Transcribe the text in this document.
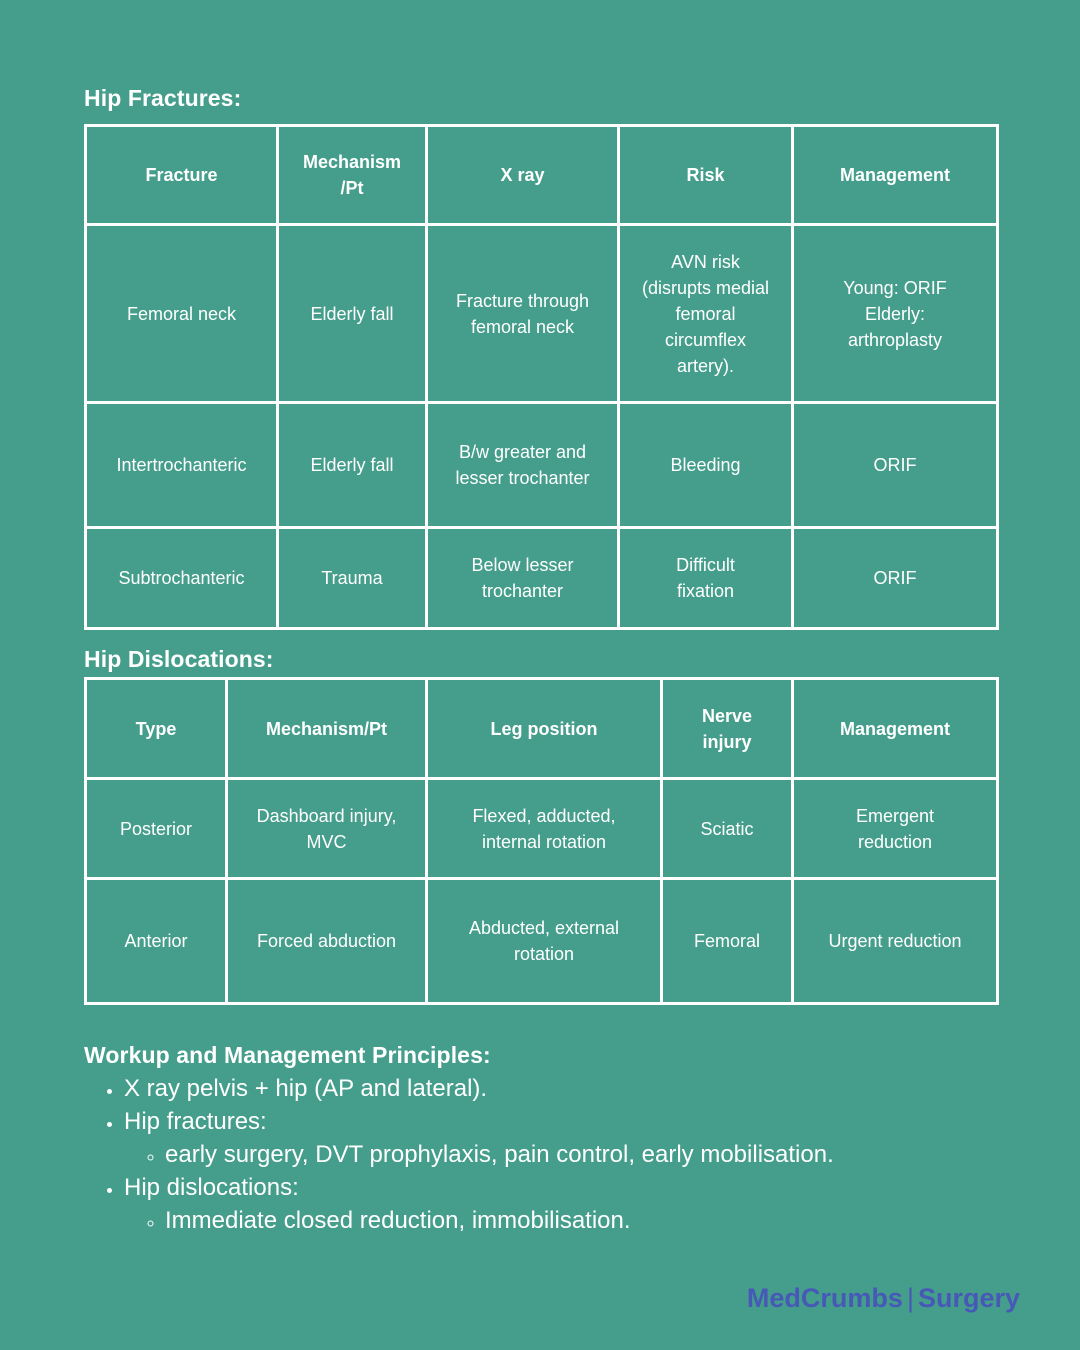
Hip Fractures:
Fracture	Mechanism /Pt	X ray	Risk	Management
Femoral neck	Elderly fall	Fracture through femoral neck	AVN risk (disrupts medial femoral circumflex artery).	Young: ORIF Elderly: arthroplasty
Intertrochanteric	Elderly fall	B/w greater and lesser trochanter	Bleeding	ORIF
Subtrochanteric	Trauma	Below lesser trochanter	Difficult fixation	ORIF
Hip Dislocations:
Type	Mechanism/Pt	Leg position	Nerve injury	Management
Posterior	Dashboard injury, MVC	Flexed, adducted, internal rotation	Sciatic	Emergent reduction
Anterior	Forced abduction	Abducted, external rotation	Femoral	Urgent reduction
Workup and Management Principles:
• X ray pelvis + hip (AP and lateral).
• Hip fractures:
◦ early surgery, DVT prophylaxis, pain control, early mobilisation.
• Hip dislocations:
◦ Immediate closed reduction, immobilisation.
MedCrumbs | Surgery
